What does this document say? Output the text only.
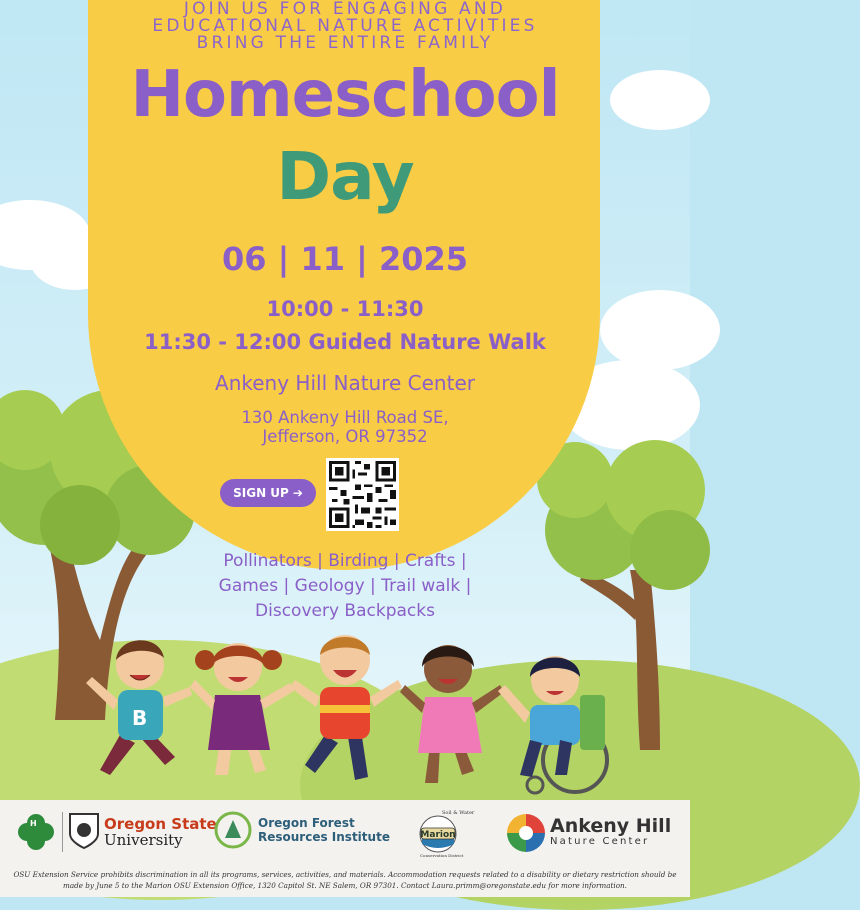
JOIN US FOR ENGAGING AND
EDUCATIONAL NATURE ACTIVITIES
BRING THE ENTIRE FAMILY
Homeschool
Day
06 | 11 | 2025
10:00 - 11:30
11:30 - 12:00 Guided Nature Walk
Ankeny Hill Nature Center
130 Ankeny Hill Road SE,
Jefferson, OR 97352
SIGN UP ➔
Pollinators | Birding | Crafts |
Games | Geology | Trail walk |
Discovery Backpacks
B
H	Oregon State
University
Oregon Forest
Resources Institute	Marion
Soil & Water
Conservation District
Ankeny Hill
Nature Center
OSU Extension Service prohibits discrimination in all its programs, services, activities, and materials. Accommodation requests related to a disability or dietary restriction should be made by June 5 to the Marion OSU Extension Office, 1320 Capitol St. NE Salem, OR 97301. Contact Laura.primm@oregonstate.edu for more information.
